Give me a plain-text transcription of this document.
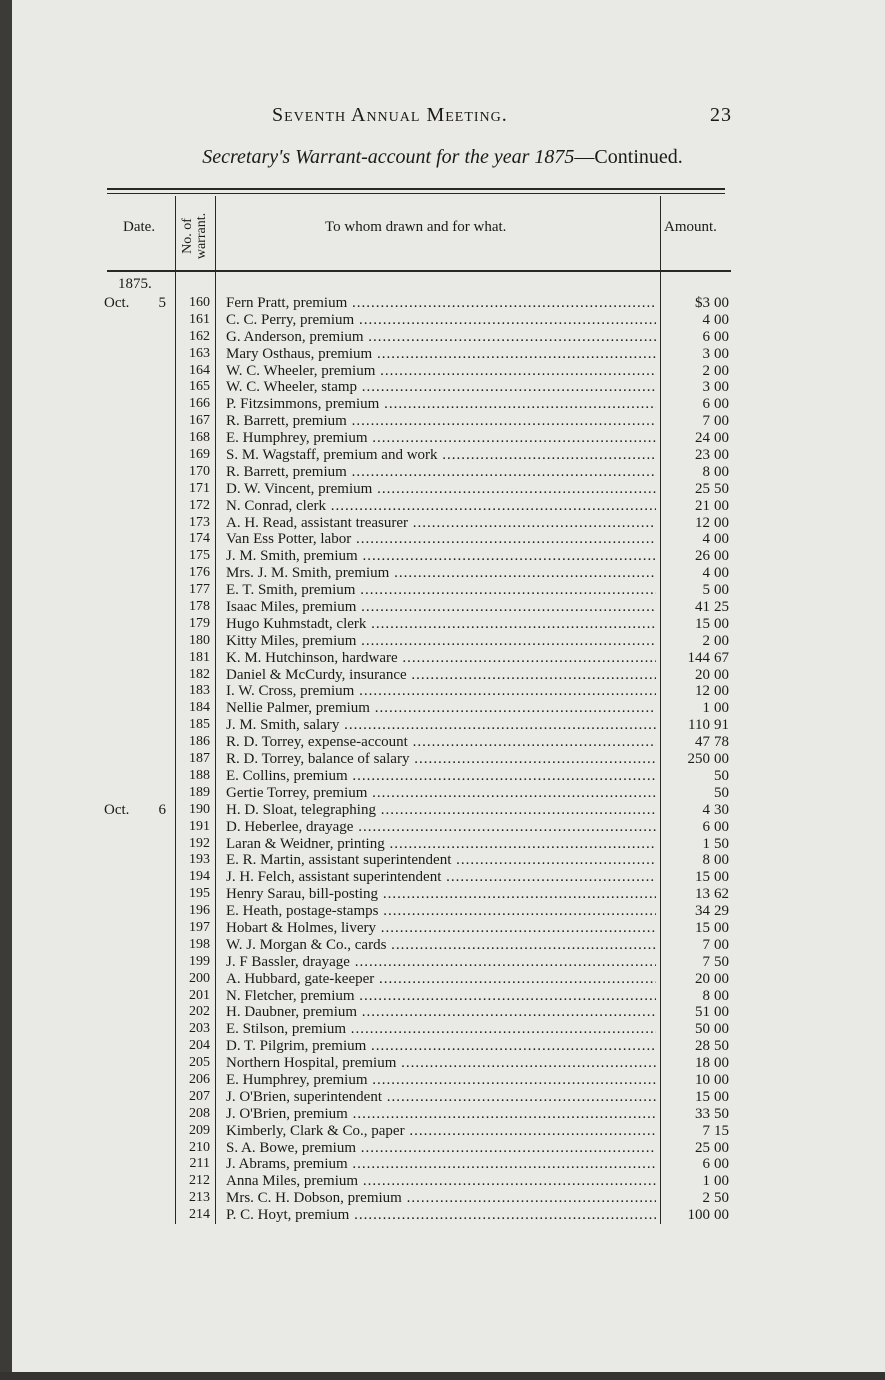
Seventh Annual Meeting.	23
Secretary's Warrant-account for the year 1875—Continued.
Date. No. of warrant.	To whom drawn and for what.	Amount.
1875.
Oct. 5	160 Fern Pratt, premium .....	$3 00
161 C. C. Perry, premium .....	4 00
162 G. Anderson, premium .....	6 00
163 Mary Osthaus, premium .....	3 00
164 W. C. Wheeler, premium .....	2 00
165 W. C. Wheeler, stamp .....	3 00
166 P. Fitzsimmons, premium .....	6 00
167 R. Barrett, premium .....	7 00
168 E. Humphrey, premium .....	24 00
169 S. M. Wagstaff, premium and work .....	23 00
170 R. Barrett, premium .....	8 00
171 D. W. Vincent, premium .....	25 50
172 N. Conrad, clerk .....	21 00
173 A. H. Read, assistant treasurer .....	12 00
174 Van Ess Potter, labor .....	4 00
175 J. M. Smith, premium .....	26 00
176 Mrs. J. M. Smith, premium .....	4 00
177 E. T. Smith, premium .....	5 00
178 Isaac Miles, premium .....	41 25
179 Hugo Kuhmstadt, clerk .....	15 00
180 Kitty Miles, premium .....	2 00
181 K. M. Hutchinson, hardware .....	144 67
182 Daniel & McCurdy, insurance .....	20 00
183 I. W. Cross, premium .....	12 00
184 Nellie Palmer, premium .....	1 00
185 J. M. Smith, salary .....	110 91
186 R. D. Torrey, expense-account .....	47 78
187 R. D. Torrey, balance of salary .....	250 00
188 E. Collins, premium .....	50
189 Gertie Torrey, premium .....	50
Oct. 6	190 H. D. Sloat, telegraphing .....	4 30
191 D. Heberlee, drayage .....	6 00
192 Laran & Weidner, printing .....	1 50
193 E. R. Martin, assistant superintendent .....	8 00
194 J. H. Felch, assistant superintendent .....	15 00
195 Henry Sarau, bill-posting .....	13 62
196 E. Heath, postage-stamps .....	34 29
197 Hobart & Holmes, livery .....	15 00
198 W. J. Morgan & Co., cards .....	7 00
199 J. F Bassler, drayage .....	7 50
200 A. Hubbard, gate-keeper .....	20 00
201 N. Fletcher, premium .....	8 00
202 H. Daubner, premium .....	51 00
203 E. Stilson, premium .....	50 00
204 D. T. Pilgrim, premium .....	28 50
205 Northern Hospital, premium .....	18 00
206 E. Humphrey, premium .....	10 00
207 J. O'Brien, superintendent .....	15 00
208 J. O'Brien, premium .....	33 50
209 Kimberly, Clark & Co., paper .....	7 15
210 S. A. Bowe, premium .....	25 00
211 J. Abrams, premium .....	6 00
212 Anna Miles, premium .....	1 00
213 Mrs. C. H. Dobson, premium .....	2 50
214 P. C. Hoyt, premium .....	100 00
